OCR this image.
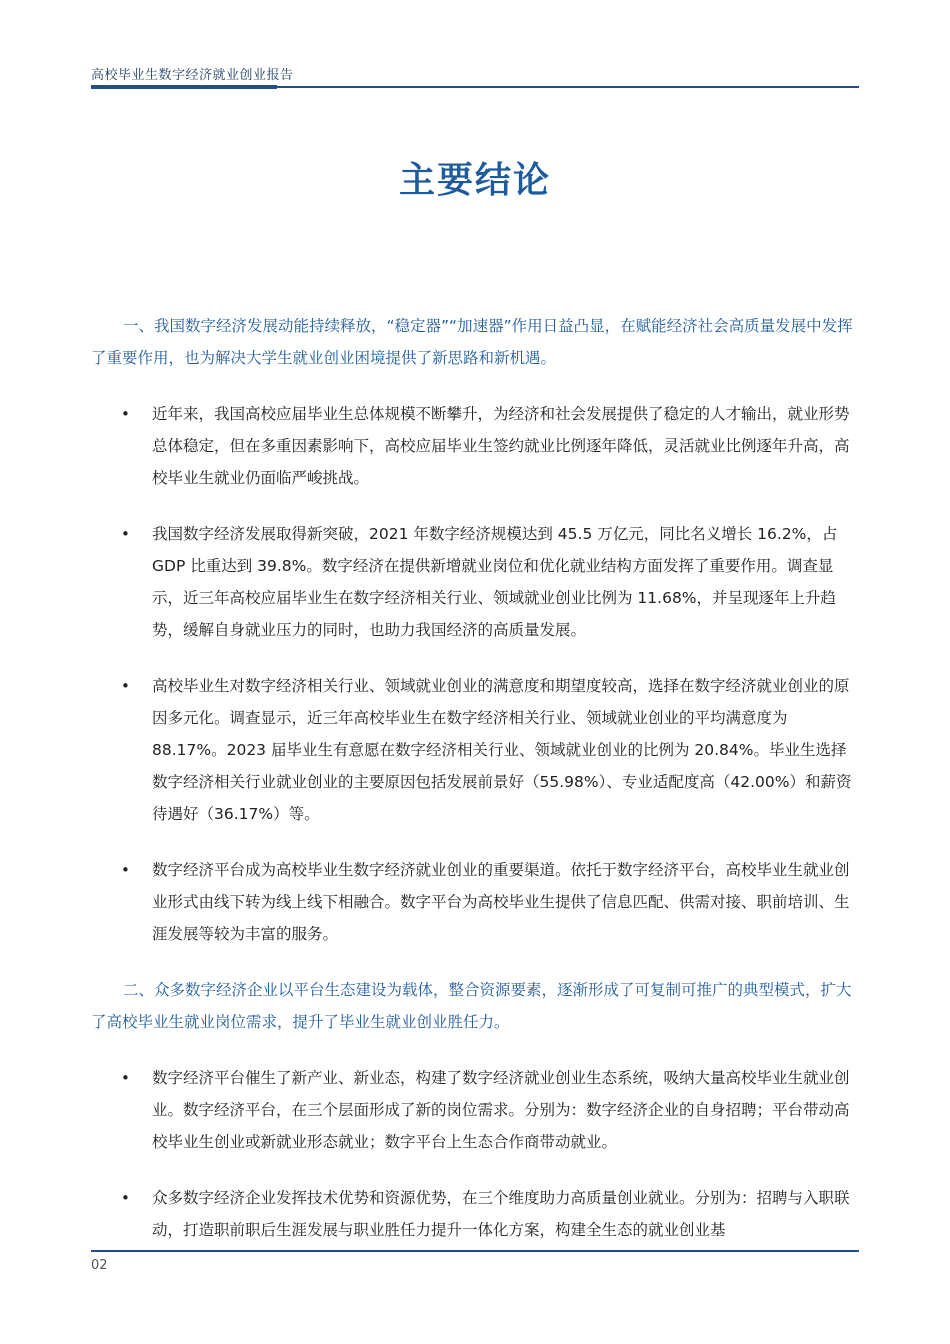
高校毕业生数字经济就业创业报告
主要结论

一、我国数字经济发展动能持续释放，“稳定器”“加速器”作用日益凸显，在赋能经济社会高质量发展中发挥了重要作用，也为解决大学生就业创业困境提供了新思路和新机遇。

• 近年来，我国高校应届毕业生总体规模不断攀升，为经济和社会发展提供了稳定的人才输出，就业形势总体稳定，但在多重因素影响下，高校应届毕业生签约就业比例逐年降低，灵活就业比例逐年升高，高校毕业生就业仍面临严峻挑战。
• 我国数字经济发展取得新突破，2021 年数字经济规模达到 45.5 万亿元，同比名义增长 16.2%，占 GDP 比重达到 39.8%。数字经济在提供新增就业岗位和优化就业结构方面发挥了重要作用。调查显示，近三年高校应届毕业生在数字经济相关行业、领域就业创业比例为 11.68%，并呈现逐年上升趋势，缓解自身就业压力的同时，也助力我国经济的高质量发展。
• 高校毕业生对数字经济相关行业、领域就业创业的满意度和期望度较高，选择在数字经济就业创业的原因多元化。调查显示，近三年高校毕业生在数字经济相关行业、领域就业创业的平均满意度为 88.17%。2023 届毕业生有意愿在数字经济相关行业、领域就业创业的比例为 20.84%。毕业生选择数字经济相关行业就业创业的主要原因包括发展前景好（55.98%）、专业适配度高（42.00%）和薪资待遇好（36.17%）等。
• 数字经济平台成为高校毕业生数字经济就业创业的重要渠道。依托于数字经济平台，高校毕业生就业创业形式由线下转为线上线下相融合。数字平台为高校毕业生提供了信息匹配、供需对接、职前培训、生涯发展等较为丰富的服务。

二、众多数字经济企业以平台生态建设为载体，整合资源要素，逐渐形成了可复制可推广的典型模式，扩大了高校毕业生就业岗位需求，提升了毕业生就业创业胜任力。

• 数字经济平台催生了新产业、新业态，构建了数字经济就业创业生态系统，吸纳大量高校毕业生就业创业。数字经济平台，在三个层面形成了新的岗位需求。分别为：数字经济企业的自身招聘；平台带动高校毕业生创业或新就业形态就业；数字平台上生态合作商带动就业。
• 众多数字经济企业发挥技术优势和资源优势，在三个维度助力高质量创业就业。分别为：招聘与入职联动，打造职前职后生涯发展与职业胜任力提升一体化方案，构建全生态的就业创业基
02
